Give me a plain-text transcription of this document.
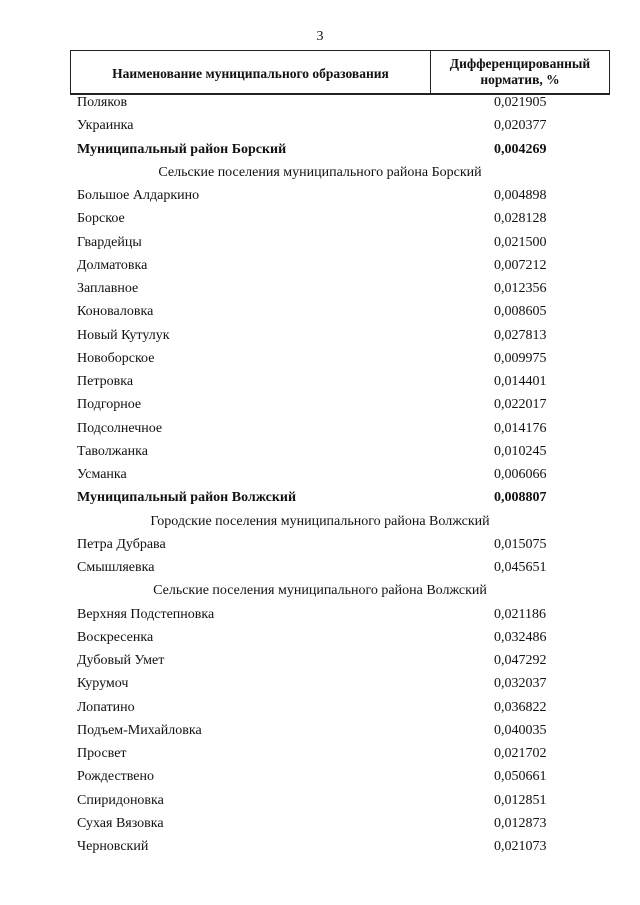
3
Наименование муниципального образования
Дифференцированный
норматив, %
Поляков	0,021905
Украинка	0,020377
Муниципальный район Борский	0,004269
Сельские поселения муниципального района Борский
Большое Алдаркино	0,004898
Борское	0,028128
Гвардейцы	0,021500
Долматовка	0,007212
Заплавное	0,012356
Коноваловка	0,008605
Новый Кутулук	0,027813
Новоборское	0,009975
Петровка	0,014401
Подгорное	0,022017
Подсолнечное	0,014176
Таволжанка	0,010245
Усманка	0,006066
Муниципальный район Волжский	0,008807
Городские поселения муниципального района Волжский
Петра Дубрава	0,015075
Смышляевка	0,045651
Сельские поселения муниципального района Волжский
Верхняя Подстепновка	0,021186
Воскресенка	0,032486
Дубовый Умет	0,047292
Курумоч	0,032037
Лопатино	0,036822
Подъем-Михайловка	0,040035
Просвет	0,021702
Рождествено	0,050661
Спиридоновка	0,012851
Сухая Вязовка	0,012873
Черновский	0,021073
